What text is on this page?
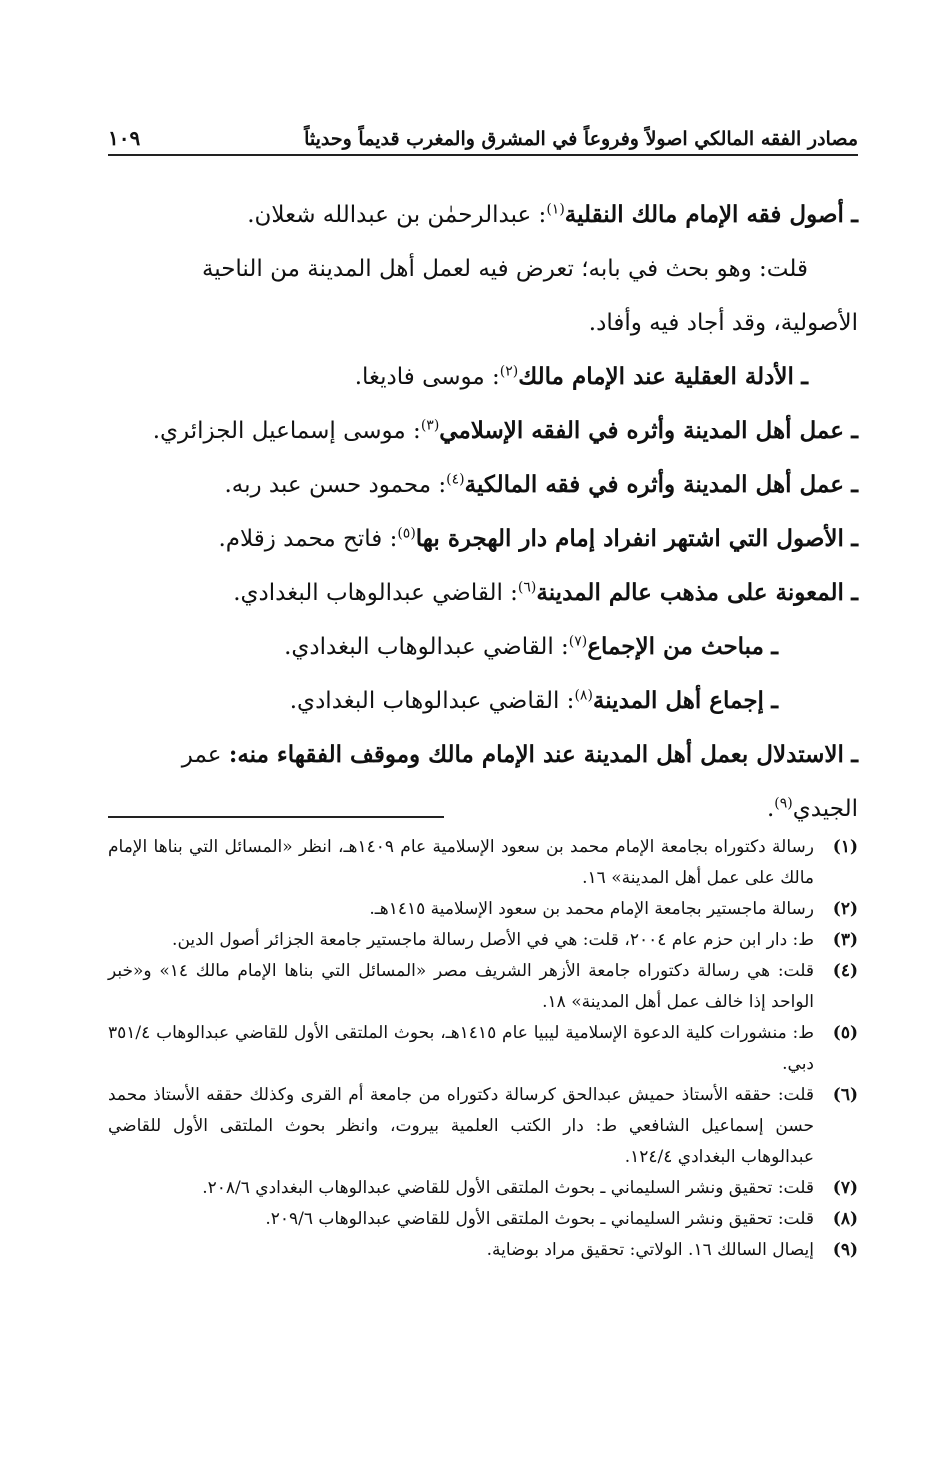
مصادر الفقه المالكي اصولاً وفروعاً في المشرق والمغرب قديماً وحديثاً
١٠٩
ـ أصول فقه الإمام مالك النقلية$^{(١)}$: عبدالرحمٰن بن عبدالله شعلان.
قلت: وهو بحث في بابه؛ تعرض فيه لعمل أهل المدينة من الناحية
الأصولية، وقد أجاد فيه وأفاد.
ـ الأدلة العقلية عند الإمام مالك$^{(٢)}$: موسى فاديغا.
ـ عمل أهل المدينة وأثره في الفقه الإسلامي$^{(٣)}$: موسى إسماعيل الجزائري.
ـ عمل أهل المدينة وأثره في فقه المالكية$^{(٤)}$: محمود حسن عبد ربه.
ـ الأصول التي اشتهر انفراد إمام دار الهجرة بها$^{(٥)}$: فاتح محمد زقلام.
ـ المعونة على مذهب عالم المدينة$^{(٦)}$: القاضي عبدالوهاب البغدادي.
ـ مباحث من الإجماع$^{(٧)}$: القاضي عبدالوهاب البغدادي.
ـ إجماع أهل المدينة$^{(٨)}$: القاضي عبدالوهاب البغدادي.
ـ الاستدلال بعمل أهل المدينة عند الإمام مالك وموقف الفقهاء منه: عمر الجيدي$^{(٩)}$.
(١)
رسالة دكتوراه بجامعة الإمام محمد بن سعود الإسلامية عام ١٤٠٩هـ، انظر «المسائل التي بناها الإمام مالك على عمل أهل المدينة» ١٦.
(٢)
رسالة ماجستير بجامعة الإمام محمد بن سعود الإسلامية ١٤١٥هـ.
(٣)
ط: دار ابن حزم عام ٢٠٠٤، قلت: هي في الأصل رسالة ماجستير جامعة الجزائر أصول الدين.
(٤)
قلت: هي رسالة دكتوراه جامعة الأزهر الشريف مصر «المسائل التي بناها الإمام مالك ١٤» و«خبر الواحد إذا خالف عمل أهل المدينة» ١٨.
(٥)
ط: منشورات كلية الدعوة الإسلامية ليبيا عام ١٤١٥هـ، بحوث الملتقى الأول للقاضي عبدالوهاب ٣٥١/٤ دبي.
(٦)
قلت: حققه الأستاذ حميش عبدالحق كرسالة دكتوراه من جامعة أم القرى وكذلك حققه الأستاذ محمد حسن إسماعيل الشافعي ط: دار الكتب العلمية بيروت، وانظر بحوث الملتقى الأول للقاضي عبدالوهاب البغدادي ١٢٤/٤.
(٧)
قلت: تحقيق ونشر السليماني ـ بحوث الملتقى الأول للقاضي عبدالوهاب البغدادي ٢٠٨/٦.
(٨)
قلت: تحقيق ونشر السليماني ـ بحوث الملتقى الأول للقاضي عبدالوهاب ٢٠٩/٦.
(٩)
إيصال السالك ١٦. الولاتي: تحقيق مراد بوضاية.
